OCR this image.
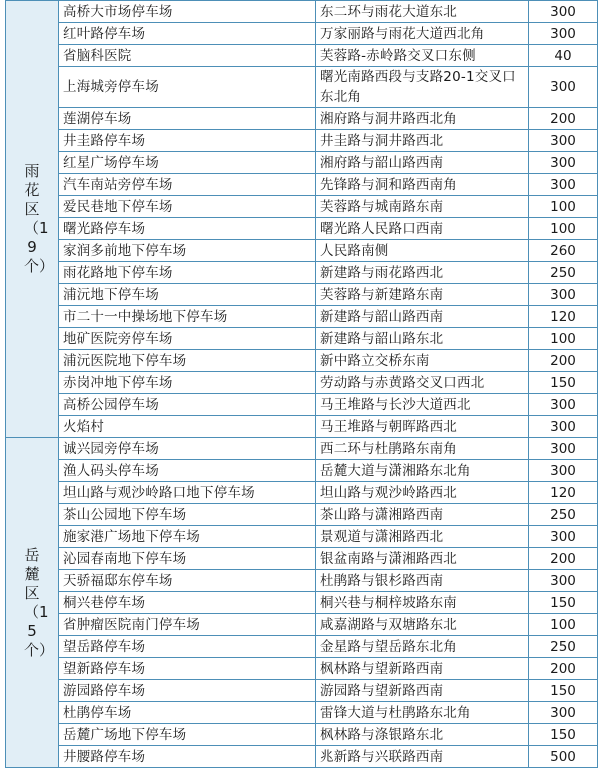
雨花区（19个）	高桥大市场停车场	东二环与雨花大道东北	300
	红叶路停车场	万家丽路与雨花大道西北角	300
	省脑科医院	芙蓉路-赤岭路交叉口东侧	40
	上海城旁停车场	曙光南路西段与支路20-1交叉口东北角	300
	莲湖停车场	湘府路与洞井路西北角	200
	井圭路停车场	井圭路与洞井路西北	300
	红星广场停车场	湘府路与韶山路西南	300
	汽车南站旁停车场	先锋路与洞和路西南角	300
	爱民巷地下停车场	芙蓉路与城南路东南	100
	曙光路停车场	曙光路人民路口西南	100
	家润多前地下停车场	人民路南侧	260
	雨花路地下停车场	新建路与雨花路西北	250
	浦沅地下停车场	芙蓉路与新建路东南	300
	市二十一中操场地下停车场	新建路与韶山路西南	120
	地矿医院旁停车场	新建路与韶山路东北	100
	浦沅医院地下停车场	新中路立交桥东南	200
	赤岗冲地下停车场	劳动路与赤黄路交叉口西北	150
	高桥公园停车场	马王堆路与长沙大道西北	300
	火焰村	马王堆路与朝晖路西北	300
岳麓区（15个）	诚兴园旁停车场	西二环与杜鹃路东南角	300
	渔人码头停车场	岳麓大道与潇湘路东北角	300
	坦山路与观沙岭路口地下停车场	坦山路与观沙岭路西北	120
	茶山公园地下停车场	茶山路与潇湘路西南	250
	施家港广场地下停车场	景观道与潇湘路西北	300
	沁园春南地下停车场	银盆南路与潇湘路西北	200
	天骄福邸东停车场	杜鹃路与银杉路西南	300
	桐兴巷停车场	桐兴巷与桐梓坡路东南	150
	省肿瘤医院南门停车场	咸嘉湖路与双塘路东北	100
	望岳路停车场	金星路与望岳路东北角	250
	望新路停车场	枫林路与望新路西南	200
	游园路停车场	游园路与望新路西南	150
	杜鹃停车场	雷锋大道与杜鹃路东北角	300
	岳麓广场地下停车场	枫林路与涤银路东北	150
	井腰路停车场	兆新路与兴联路西南	500
